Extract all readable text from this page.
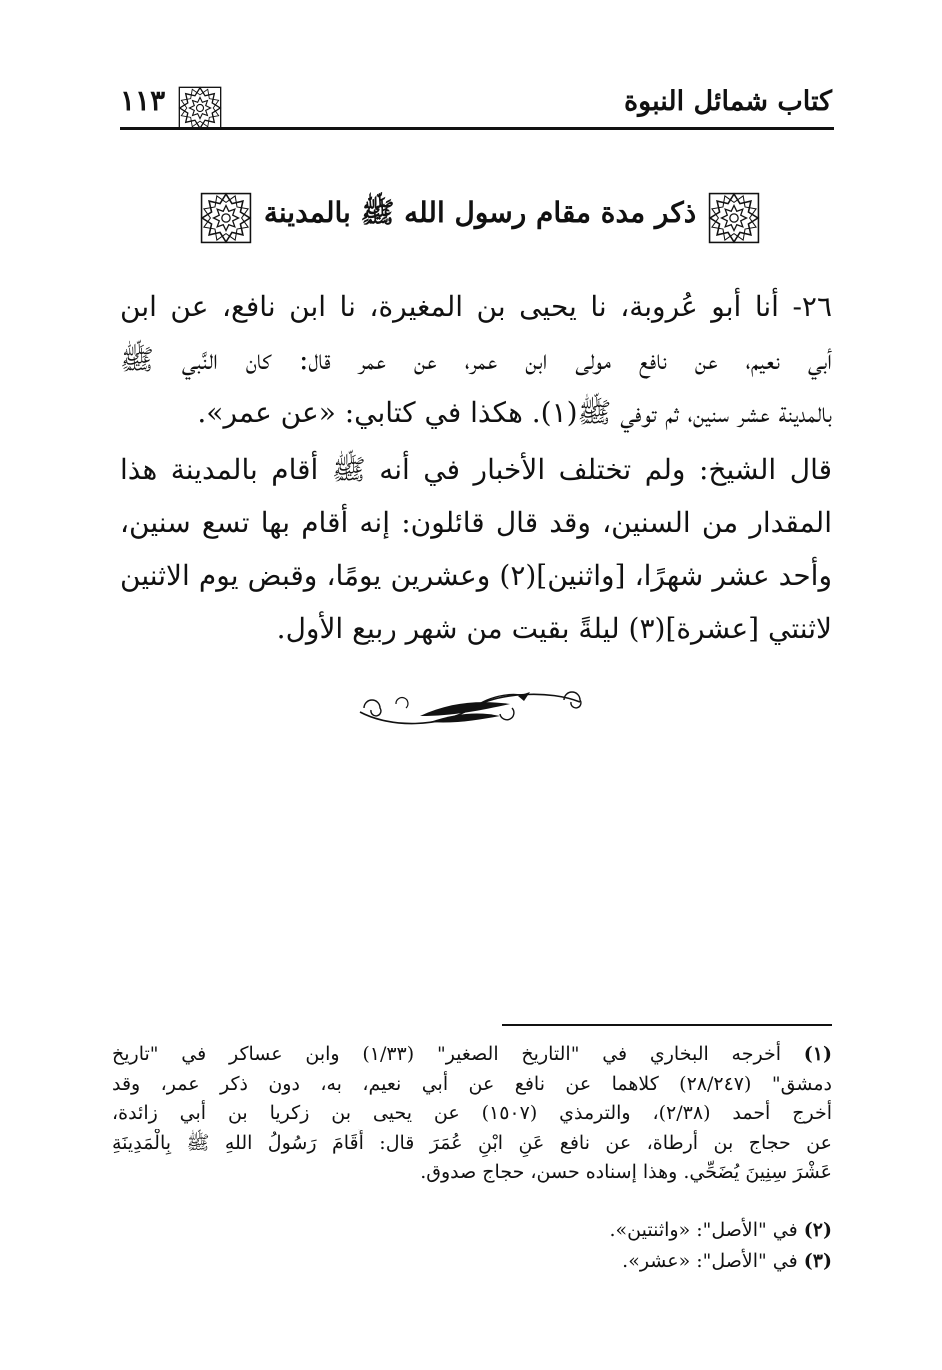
كتاب شمائل النبوة
١١٣
ذكر مدة مقام رسول الله ﷺ بالمدينة
٢٦- أنا أبو عُروبة، نا يحيى بن المغيرة، نا ابن نافع، عن ابن
أبي نعيم، عن نافع مولى ابن عمر، عن عمر قال: كان النَّبي ﷺ
بالمدينة عشر سنين، ثم توفي ﷺ(١). هكذا في كتابي: «عن عمر».
قال الشيخ: ولم تختلف الأخبار في أنه ﷺ أقام بالمدينة هذا
المقدار من السنين، وقد قال قائلون: إنه أقام بها تسع سنين،
وأحد عشر شهرًا، [واثنين](٢) وعشرين يومًا، وقبض يوم الاثنين
لاثنتي [عشرة](٣) ليلةً بقيت من شهر ربيع الأول.
(١) أخرجه البخاري في "التاريخ الصغير" (١/٣٣) وابن عساكر في "تاريخ
دمشق" (٢٨/٢٤٧) كلاهما عن نافع عن أبي نعيم، به، دون ذكر عمر، وقد
أخرج أحمد (٢/٣٨)، والترمذي (١٥٠٧) عن يحيى بن زكريا بن أبي زائدة،
عن حجاج بن أرطاة، عن نافع عَنِ ابْنِ عُمَرَ قال: أَقَامَ رَسُولُ اللهِ ﷺ بِالْمَدِينَةِ
عَشْرَ سِنِينَ يُضَحِّي. وهذا إسناده حسن، حجاج صدوق.
(٢) في "الأصل": «واثنتين».
(٣) في "الأصل": «عشر».
